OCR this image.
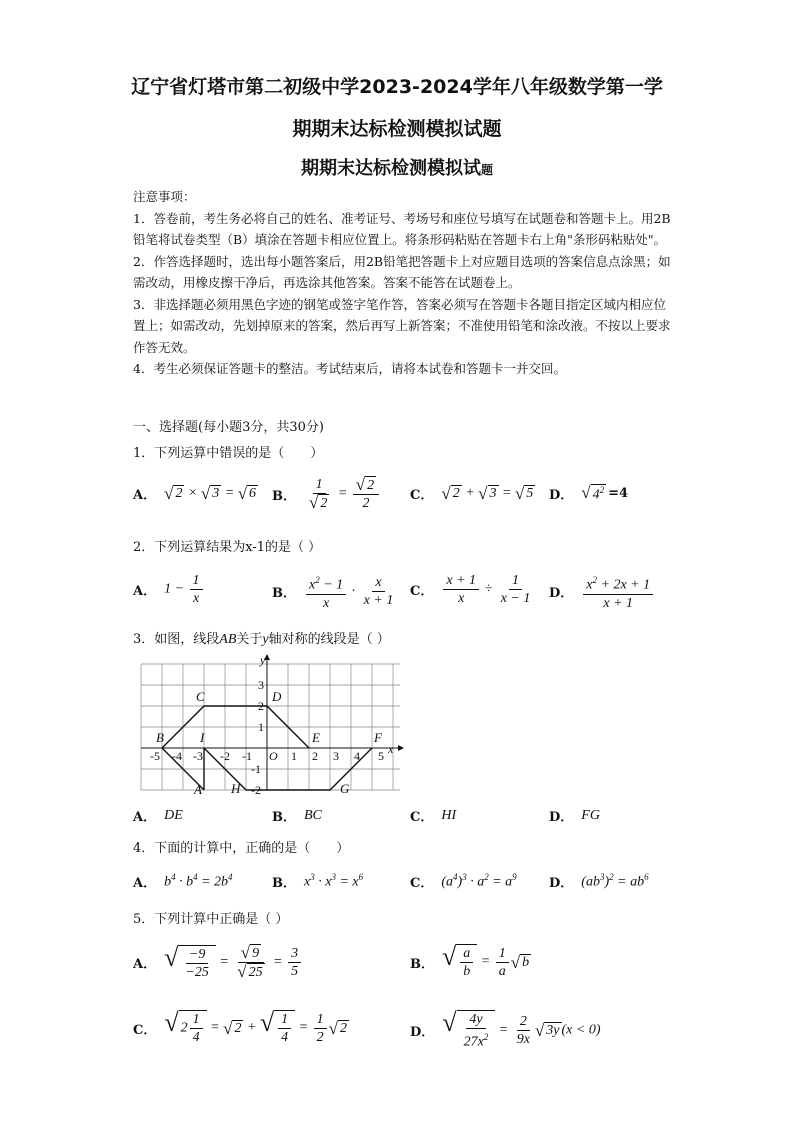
辽宁省灯塔市第二初级中学2023-2024学年八年级数学第一学
期期末达标检测模拟试题
期期末达标检测模拟试题
注意事项：
1．答卷前，考生务必将自己的姓名、准考证号、考场号和座位号填写在试题卷和答题卡上。用2B铅笔将试卷类型（B）填涂在答题卡相应位置上。将条形码粘贴在答题卡右上角"条形码粘贴处"。
2．作答选择题时，选出每小题答案后，用2B铅笔把答题卡上对应题目选项的答案信息点涂黑；如需改动，用橡皮擦干净后，再选涂其他答案。答案不能答在试题卷上。
3．非选择题必须用黑色字迹的钢笔或签字笔作答，答案必须写在答题卡各题目指定区域内相应位置上；如需改动，先划掉原来的答案，然后再写上新答案；不准使用铅笔和涂改液。不按以上要求作答无效。
4．考生必须保证答题卡的整洁。考试结束后，请将本试卷和答题卡一并交回。
一、选择题(每小题3分，共30分)
1．下列运算中错误的是（　　）
A． √ 2 × √ 3 = √ 6 B． $\frac{1}{√ 2} = \frac{√ 2}{2}$ C． √ 2 + √ 3 = √ 5 D． √ $4^2 =4$
2．下列运算结果为x-1的是（ ）
A． $1 - \frac{1}{x}$	B． $\frac{x^2 - 1}{x} \cdot \frac{x}{x + 1}$ C． $\frac{x + 1}{x} \div \frac{1}{x - 1}$ D． $\frac{x^2 + 2x + 1}{x + 1}$
3．如图，线段AB关于y轴对称的线段是（ ）
-5 -4 -3 -2 -1 O 1 2 3 4 5
3
2
1
-1
-2
x
y
A
B
C	D
E	F
G
H
I
A． DE	B． BC	C． HI	D． FG
4．下面的计算中，正确的是（　　）
A． $b^4 \cdot b^4 = 2b^4$	B． $x^3 \cdot x^3 = x^6$	C． $(a^4)^3 \cdot a^2 = a^9$ D． $(ab^3)^2 = ab^6$
5．下列计算中正确是（ ）
A． √ $\frac{-9}{-25} = \frac{√ 9}{√ 25} = \frac{3}{5}$	B． √ $\frac{a}{b} = \frac{1}{a}$ √ b
C． √ $2 \frac{1}{4}$ = √ 2 + √ $\frac{1}{4} = \frac{1}{2}$ √ 2	D． √ $\frac{4y}{27x^2} = \frac{2}{9x}$ √ 3y (x < 0)
